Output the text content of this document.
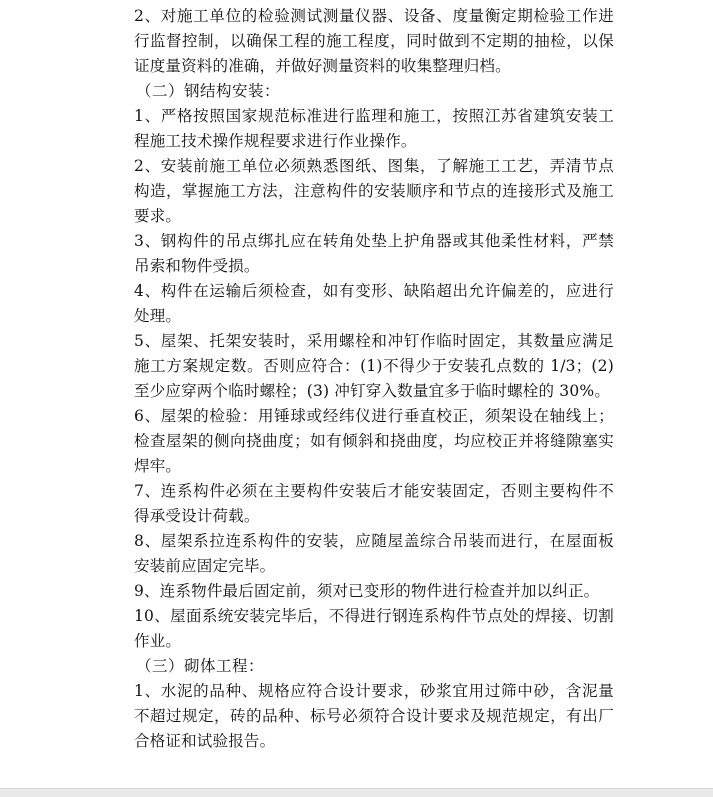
2、对施工单位的检验测试测量仪器、设备、度量衡定期检验工作进行监督控制，以确保工程的施工程度，同时做到不定期的抽检，以保证度量资料的准确，并做好测量资料的收集整理归档。

（二）钢结构安装：

1、严格按照国家规范标准进行监理和施工，按照江苏省建筑安装工程施工技术操作规程要求进行作业操作。

2、安装前施工单位必须熟悉图纸、图集，了解施工工艺，弄清节点构造，掌握施工方法，注意构件的安装顺序和节点的连接形式及施工要求。

3、钢构件的吊点绑扎应在转角处垫上护角器或其他柔性材料，严禁吊索和物件受损。

4、构件在运输后须检查，如有变形、缺陷超出允许偏差的，应进行处理。

5、屋架、托架安装时，采用螺栓和冲钉作临时固定，其数量应满足施工方案规定数。否则应符合：(1)不得少于安装孔点数的 1/3；(2) 至少应穿两个临时螺栓；(3) 冲钉穿入数量宜多于临时螺栓的 30%。

6、屋架的检验：用锤球或经纬仪进行垂直校正，须架设在轴线上；检查屋架的侧向挠曲度；如有倾斜和挠曲度，均应校正并将缝隙塞实焊牢。

7、连系构件必须在主要构件安装后才能安装固定，否则主要构件不得承受设计荷载。

8、屋架系拉连系构件的安装，应随屋盖综合吊装而进行，在屋面板安装前应固定完毕。

9、连系物件最后固定前，须对已变形的物件进行检查并加以纠正。

10、屋面系统安装完毕后，不得进行钢连系构件节点处的焊接、切割作业。

（三）砌体工程：

1、水泥的品种、规格应符合设计要求，砂浆宜用过筛中砂，含泥量不超过规定，砖的品种、标号必须符合设计要求及规范规定，有出厂合格证和试验报告。
